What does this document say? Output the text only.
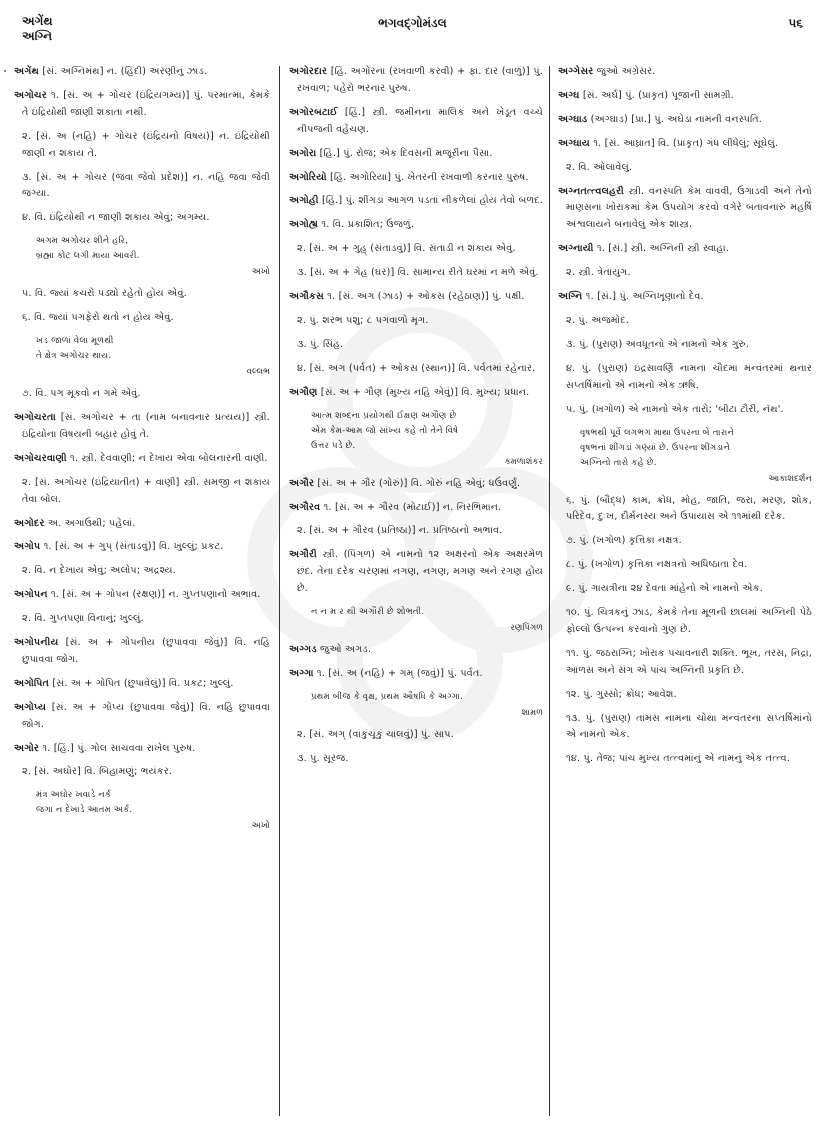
અગેંથ
અગ્નિ
ભગવદ્ગોમંડલ	૫૬
અગેંથ [સં. અગ્નિમંથ] ન. (હિંદી) અરણીનું ઝાડ.
અગોચર ૧. [સં. અ + ગોચર (ઇંદ્રિયગમ્ય)] પું. પરમાત્મા, કેમકે તે ઇંદ્રિયોથી જાણી શકાતા નથી.
૨. [સં. અ (નહિ) + ગોચર (ઇંદ્રિયનો વિષય)] ન. ઇંદ્રિયોથી જાણી ન શકાય તે.
૩. [સં. અ + ગોચર (જવા જેવો પ્રદેશ)] ન. નહિ જવા જેવી જગ્યા.
૪. વિ. ઇંદ્રિયોથી ન જાણી શકાય એવું; અગમ્ય.
અગમ અગોચર શીને હરિ,
બ્રહ્મા કોટ લગી માયા આવરી.
અખો
૫. વિ. જ્યાં કચરો પડ્યો રહેતો હોય એવું.
૬. વિ. જ્યાં પગફેરો થતો ન હોય એવું.
ખડ જાળાં વેલા મૂળથી
તે ક્ષેત્ર અગોચર થાય.
વલ્લભ
૭. વિ. પગ મૂકવો ન ગમે એવું.
અગોચરતા [સં. અગોચર + તા (નામ બનાવનાર પ્રત્યય)] સ્ત્રી. ઇંદ્રિયોના વિષયની બહાર હોવું તે.
અગોચરવાણી ૧. સ્ત્રી. દેવવાણી; ન દેખાય એવા બોલનારની વાણી.
૨. [સં. અગોચર (ઇંદ્રિયાતીત) + વાણી] સ્ત્રી. સમજી ન શકાય તેવા બોલ.
અગોદર અ. અગાઉથી; પહેલાં.
અગોપ ૧. [સં. અ + ગુપ્ (સંતાડવું)] વિ. ખુલ્લું; પ્રકટ.
૨. વિ. ન દેખાય એવું; અલોપ; અદ્રશ્ય.
અગોપન ૧. [સં. અ + ગોપન (રક્ષણ)] ન. ગુપ્તપણાનો અભાવ.
૨. વિ. ગુપ્તપણા વિનાનું; ખુલ્લું.
અગોપનીય [સં. અ + ગોપનીય (છુપાવવા જેવું)] વિ. નહિ છુપાવવા જોગ.
અગોપિત [સં. અ + ગોપિત (છુપાવેલું)] વિ. પ્રકટ; ખુલ્લું.
અગોપ્ય [સં. અ + ગોપ્ય (છુપાવવા જેવું)] વિ. નહિ છુપાવવા જોગ.
અગોર ૧. [હિં.] પું. ગોલ સાચવવા રાખેલ પુરુષ.
૨. [સં. અઘોર] વિ. બિહામણું; ભયંકર.
મંત્ર અઘોર ખવાડે નર્ક
જગા ન દેખાડે આતમ અર્ક.
અખો
અગોરદાર [હિં. અગોરના (રખવાળી કરવી) + ફા. દાર (વાળું)] પું. રખવાળ; પહેરો ભરનાર પુરુષ.
અગોરબટાઈ [હિં.] સ્ત્રી. જમીનના માલિક અને ખેડૂત વચ્ચે નીપજની વહેંચણ.
અગોરા [હિં.] પું. રોજ; એક દિવસની મજૂરીના પૈસા.
અગોરિયો [હિં. અગોરિયા] પું. ખેતરની રખવાળી કરનાર પુરુષ.
અગોહી [હિં.] પું. શીંગડાં આગળ પડતાં નીકળેલાં હોય તેવો બળદ.
અગોહ્ય ૧. વિ. પ્રકાશિત; ઉજળું.
૨. [સં. અ + ગુહ્ (સંતાડવું)] વિ. સંતાડી ન શકાય એવું.
૩. [સં. અ + ગેહ (ઘર)] વિ. સામાન્ય રીતે ઘરમાં ન મળે એવું.
અગૌકસ ૧. [સં. અગ (ઝાડ) + ઓકસ (રહેઠાણ)] પું. પક્ષી.
૨. પું. શરભ પશુ; ૮ પગવાળો મૃગ.
૩. પું. સિંહ.
૪. [સં. અગ (પર્વત) + ઓકસ (સ્થાન)] વિ. પર્વતમાં રહેનાર.
અગૌણ [સં. અ + ગૌણ (મુખ્ય નહિ એવું)] વિ. મુખ્ય; પ્રધાન.
આત્મ શબ્દના પ્રયોગથી ઈક્ષણ અગૌણ છે
એમ કેમ-આમ જો સાંખ્ય કહે તો તેને વિષે
ઉત્તર પડે છે.
કમળાશંકર
અગૌર [સં. અ + ગૌર (ગોરું)] વિ. ગોરું નહિ એવું; ધઉંવર્ણું.
અગૌરવ ૧. [સં. અ + ગૌરવ (મોટાઈ)] ન. નિરભિમાન.
૨. [સં. અ + ગૌરવ (પ્રતિષ્ઠા)] ન. પ્રતિષ્ઠાનો અભાવ.
અગૌરી સ્ત્રી. (પિંગળ) એ નામનો ૧૨ અક્ષરનો એક અક્ષરમેળ છંદ. તેના દરેક ચરણમાં નગણ, નગણ, મગણ અને રગણ હોય છે.
ન ન મ ર થી અગૌરી છે શોભતી.
રણપિંગળ
અગ્ગડ જુઓ અગડ.
અગ્ગા ૧. [સં. અ (નહિ) + ગમ્ (જવું)] પું. પર્વત.
પ્રથમ બીજ કે વૃક્ષ, પ્રથમ ઔષધિ કે અગ્ગા.
શામળ
૨. [સં. અગ્ (વાંકુંચૂંકું ચાલવું)] પું. સાપ.
૩. પું. સૂરજ.
અગ્ગેસર જુઓ અગ્રેસર.
અગ્ઘ [સં. અર્ઘ] પું. (પ્રાકૃત) પૂજાની સામગ્રી.
અગ્ઘાડ (અગ્ઘાડ) [પ્રા.] પું. અઘેડા નામની વનસ્પતિ.
અગ્ઘાય ૧. [સં. આઘ્રાત] વિ. (પ્રાકૃત) ગંધ લીધેલું; સૂંઘેલું.
૨. વિ. ઓલાવેલું.
અગ્નતત્ત્વલહરી સ્ત્રી. વનસ્પતિ કેમ વાવવી, ઉગાડવી અને તેનો માણસના ખોરાકમાં કેમ ઉપયોગ કરવો વગેરે બતાવનારું મહર્ષિ અશ્વલાયને બનાવેલું એક શાસ્ત્ર.
અગ્નાયી ૧. [સં.] સ્ત્રી. અગ્નિની સ્ત્રી સ્વાહા.
૨. સ્ત્રી. ત્રેતાયુગ.
અગ્નિ ૧. [સં.] પું. અગ્નિખૂણાનો દેવ.
૨. પું. અજમોદ.
૩. પું. (પુરાણ) અવધૂતનો એ નામનો એક ગુરુ.
૪. પું. (પુરાણ) ઇંદ્રસાવર્ણિ નામના ચૌદમા મન્વંતરમાં થનાર સપ્તર્ષિમાંનો એ નામનો એક ઋષિ.
૫. પું. (ખગોળ) એ નામનો એક તારો; 'બીટા ટૌરી, નૅથ'.
વૃષભથી પૂર્વે લગભગ માથા ઉપરના બે તારાને
વૃષભનાં શીંગડાં ગણ્યાં છે. ઉપરના શીંગડાને
અગ્નિનો તારો કહે છે.
આકાશદર્શન
૬. પું. (બૌદ્ધ) કામ, ક્રોધ, મોહ, જાતિ, જરા, મરણ, શોક, પરિદેવ, દુઃખ, દૌર્મનસ્ય અને ઉપાયાસ એ ૧૧માંથી દરેક.
૭. પું. (ખગોળ) કૃત્તિકા નક્ષત્ર.
૮. પું. (ખગોળ) કૃત્તિકા નક્ષત્રનો અધિષ્ઠાતા દેવ.
૯. પું. ગાયત્રીના ૨૪ દેવતા માંહેનો એ નામનો એક.
૧૦. પું. ચિત્રકનું ઝાડ, કેમકે તેના મૂળની છાલમાં અગ્નિની પેઠે ફોલ્લો ઉત્પન્ન કરવાનો ગુણ છે.
૧૧. પું. જઠરાગ્નિ; ખોરાક પચાવનારી શક્તિ. ભૂખ, તરસ, નિદ્રા, આળસ અને સંગ એ પાંચ અગ્નિની પ્રકૃતિ છે.
૧૨. પું. ગુસ્સો; ક્રોધ; આવેશ.
૧૩. પું. (પુરાણ) તામસ નામના ચોથા મન્વંતરના સપ્તર્ષિમાંનો એ નામનો એક.
૧૪. પું. તેજ; પાંચ મુખ્ય તત્ત્વમાંનું એ નામનું એક તત્ત્વ.
